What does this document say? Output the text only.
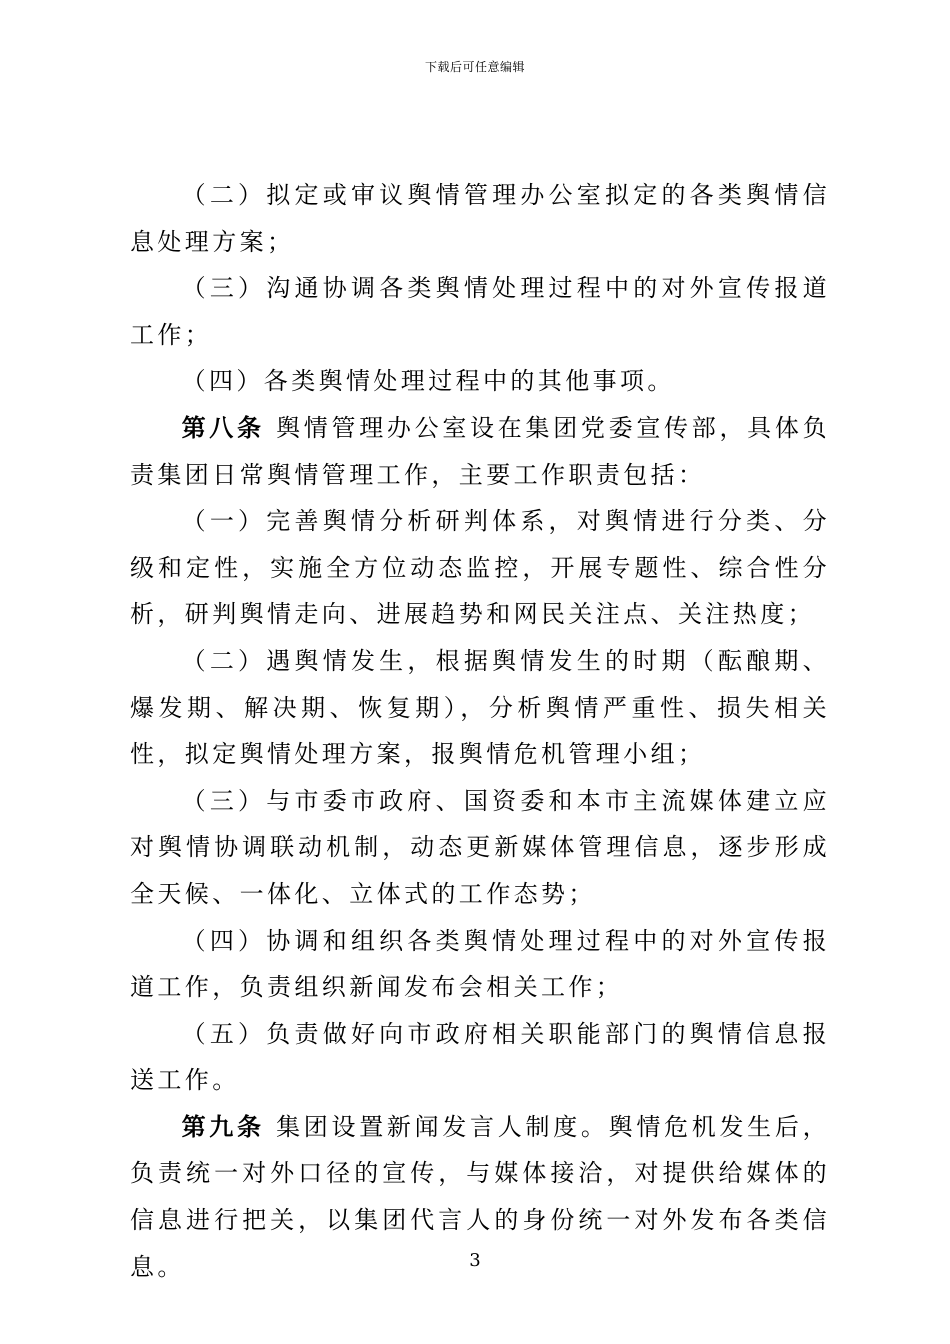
下载后可任意编辑

（二）拟定或审议舆情管理办公室拟定的各类舆情信息处理方案；

（三）沟通协调各类舆情处理过程中的对外宣传报道工作；

（四）各类舆情处理过程中的其他事项。

第八条 舆情管理办公室设在集团党委宣传部，具体负责集团日常舆情管理工作，主要工作职责包括：

（一）完善舆情分析研判体系，对舆情进行分类、分级和定性，实施全方位动态监控，开展专题性、综合性分析，研判舆情走向、进展趋势和网民关注点、关注热度；

（二）遇舆情发生，根据舆情发生的时期（酝酿期、爆发期、解决期、恢复期），分析舆情严重性、损失相关性，拟定舆情处理方案，报舆情危机管理小组；

（三）与市委市政府、国资委和本市主流媒体建立应对舆情协调联动机制，动态更新媒体管理信息，逐步形成全天候、一体化、立体式的工作态势；

（四）协调和组织各类舆情处理过程中的对外宣传报道工作，负责组织新闻发布会相关工作；

（五）负责做好向市政府相关职能部门的舆情信息报送工作。

第九条 集团设置新闻发言人制度。舆情危机发生后，负责统一对外口径的宣传，与媒体接洽，对提供给媒体的信息进行把关，以集团代言人的身份统一对外发布各类信息。	3
